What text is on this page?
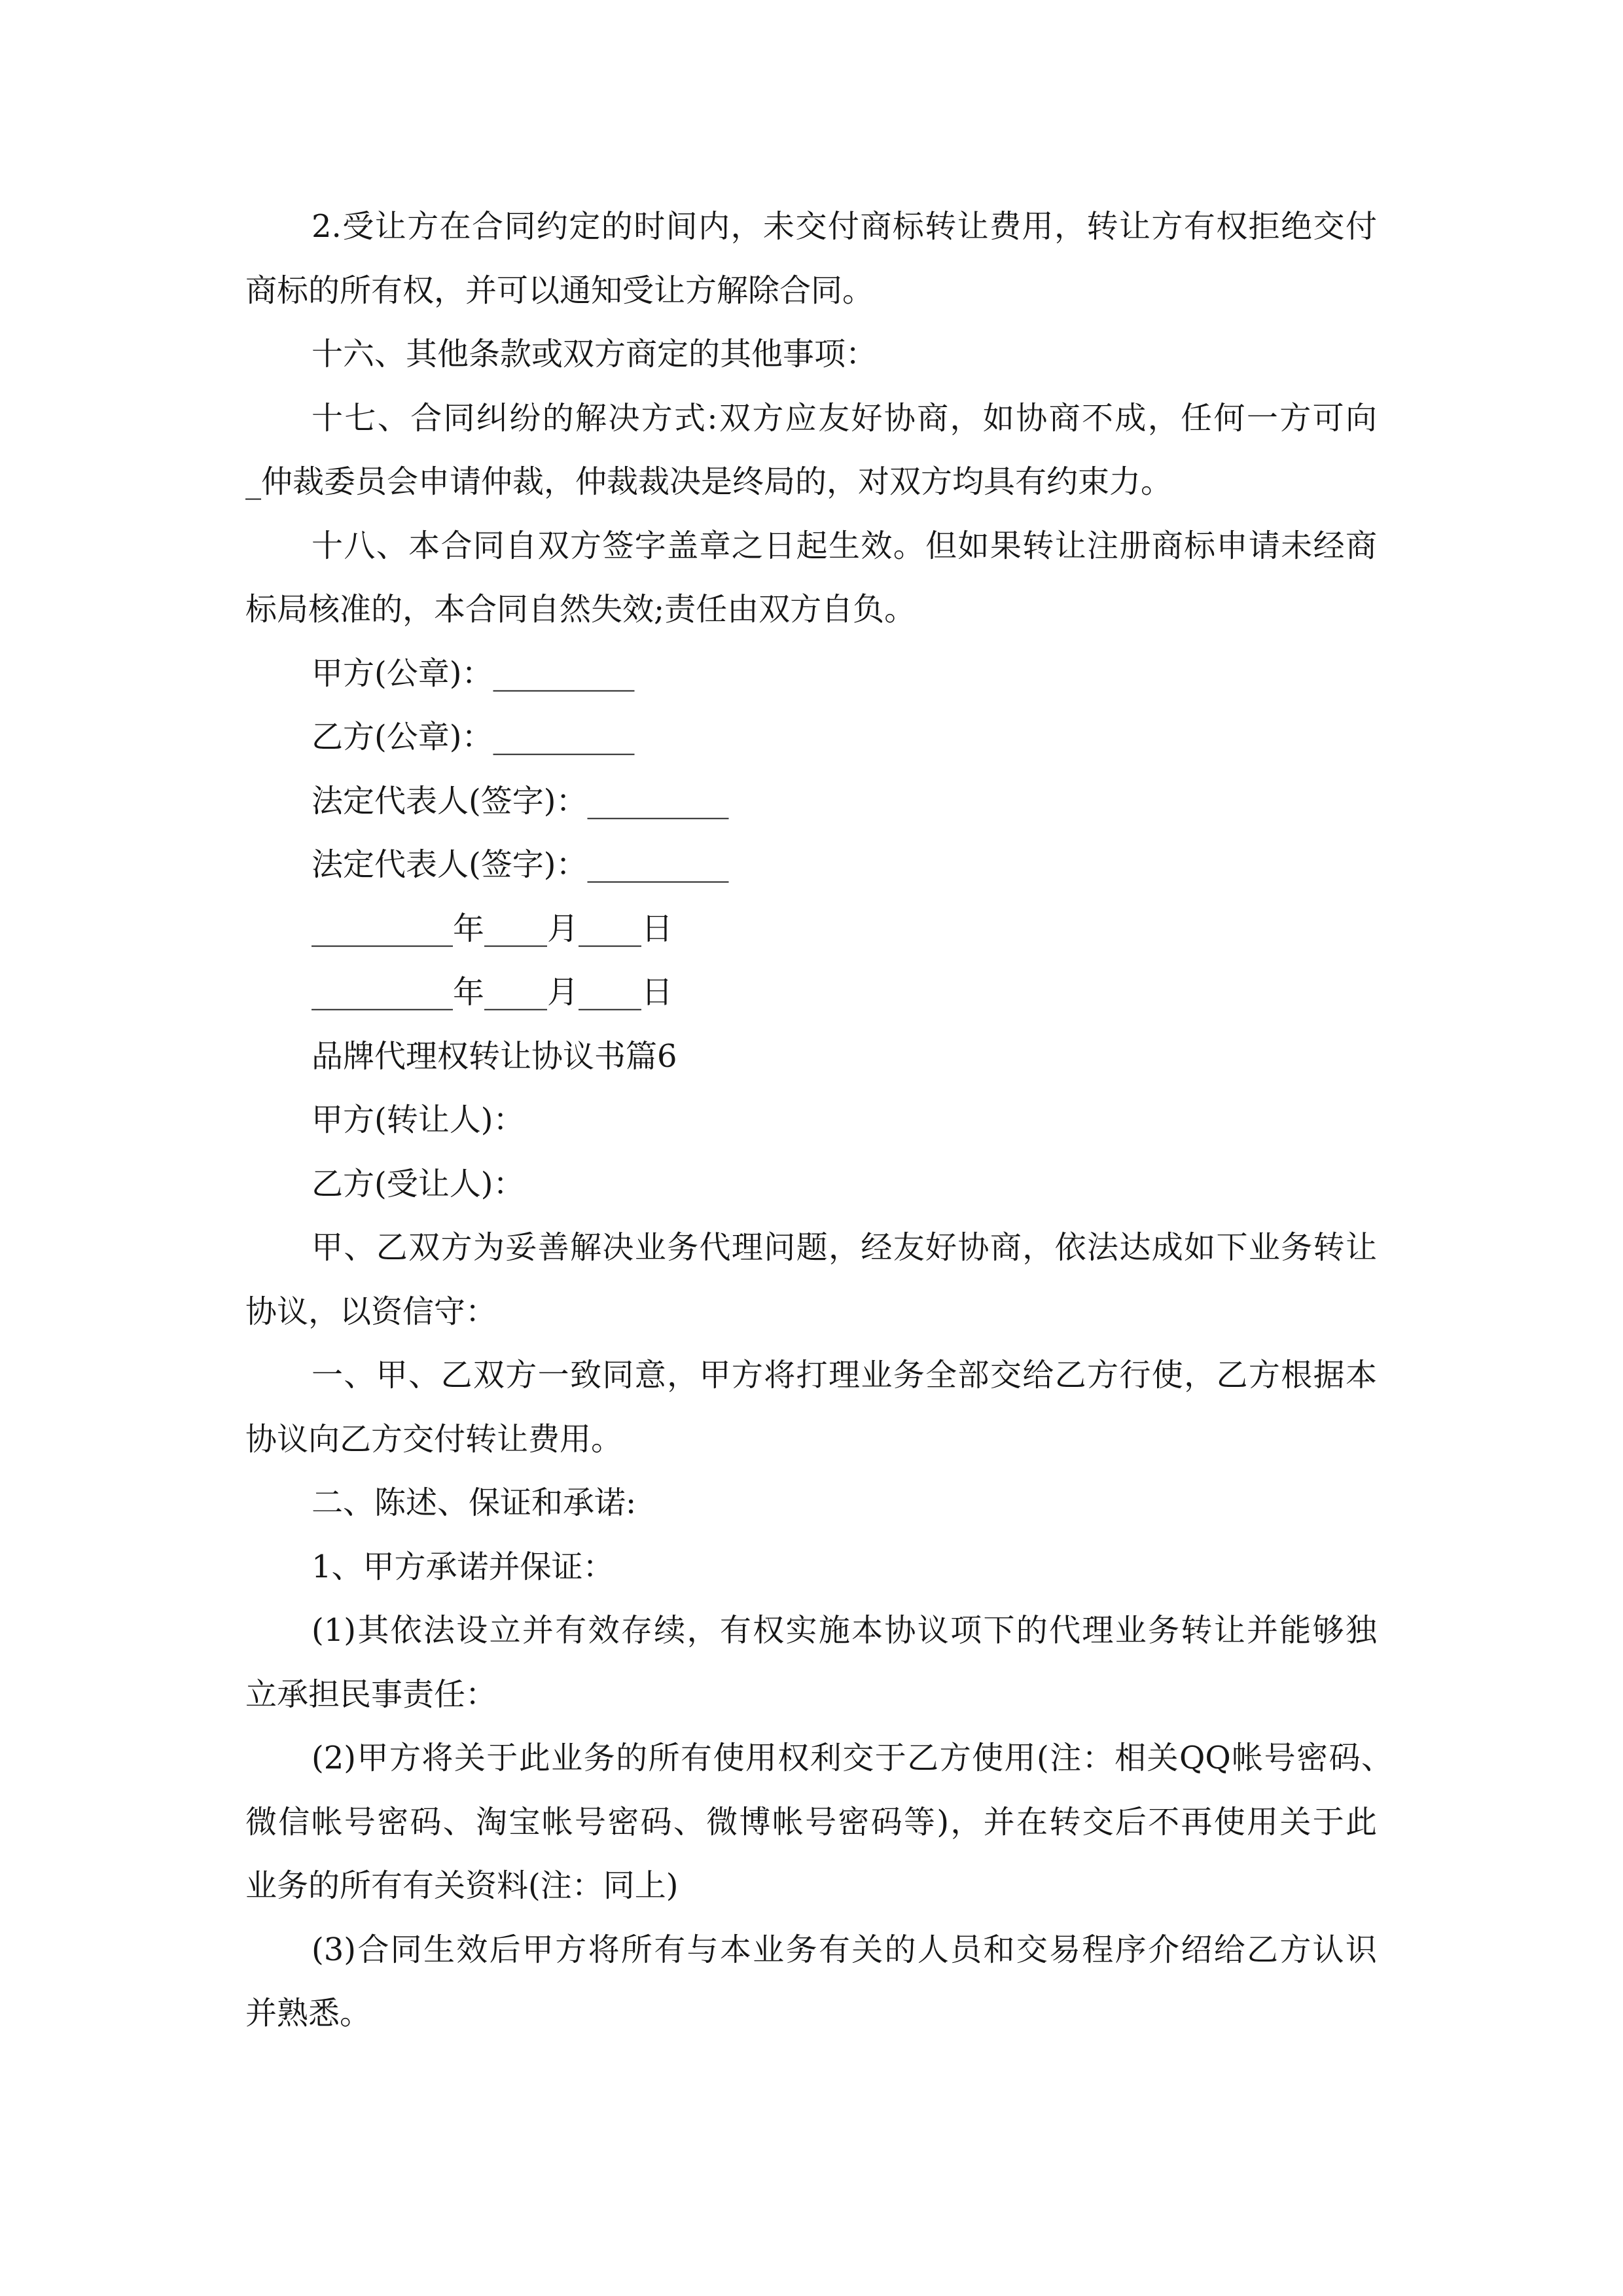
2.受让方在合同约定的时间内，未交付商标转让费用，转让方有权拒绝交付
商标的所有权，并可以通知受让方解除合同。
十六、其他条款或双方商定的其他事项：
十七、合同纠纷的解决方式:双方应友好协商，如协商不成，任何一方可向
_仲裁委员会申请仲裁，仲裁裁决是终局的，对双方均具有约束力。
十八、本合同自双方签字盖章之日起生效。但如果转让注册商标申请未经商
标局核准的，本合同自然失效;责任由双方自负。
甲方(公章)：_________
乙方(公章)：_________
法定代表人(签字)：_________
法定代表人(签字)：_________
_________年____月____日
_________年____月____日
品牌代理权转让协议书篇6
甲方(转让人)：
乙方(受让人)：
甲、乙双方为妥善解决业务代理问题，经友好协商，依法达成如下业务转让
协议，以资信守：
一、甲、乙双方一致同意，甲方将打理业务全部交给乙方行使，乙方根据本
协议向乙方交付转让费用。
二、陈述、保证和承诺:
1、甲方承诺并保证：
(1)其依法设立并有效存续，有权实施本协议项下的代理业务转让并能够独
立承担民事责任：
(2)甲方将关于此业务的所有使用权利交于乙方使用(注：相关QQ帐号密码、
微信帐号密码、淘宝帐号密码、微博帐号密码等)，并在转交后不再使用关于此
业务的所有有关资料(注：同上)
(3)合同生效后甲方将所有与本业务有关的人员和交易程序介绍给乙方认识
并熟悉。
